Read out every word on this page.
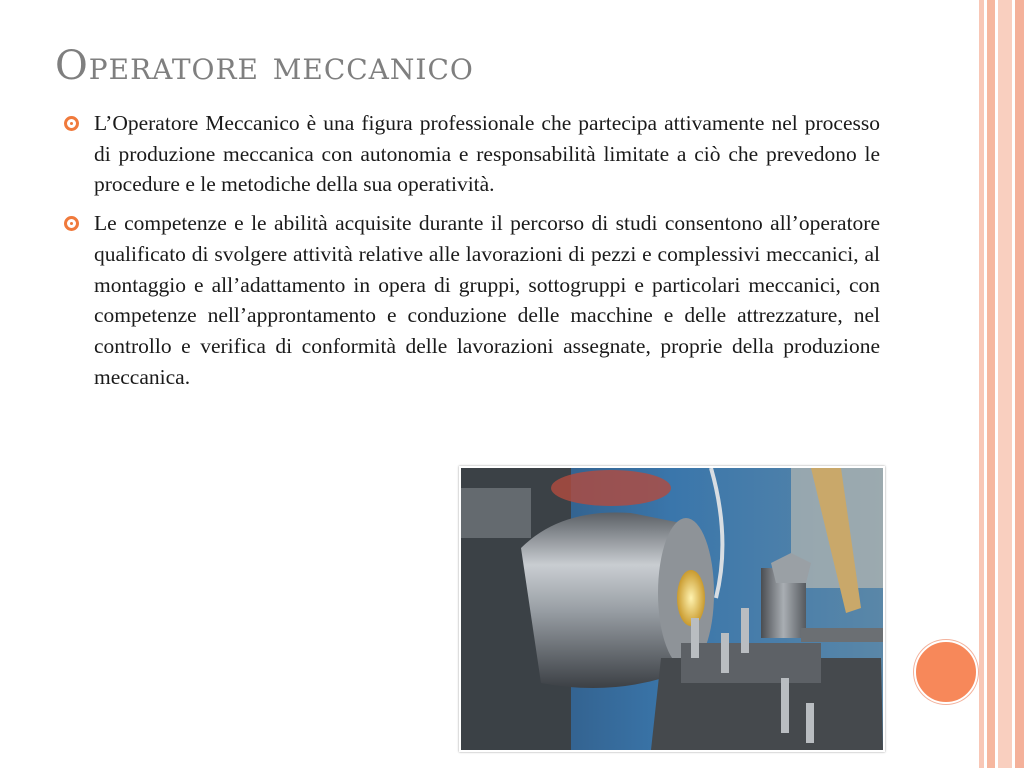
Operatore meccanico
L’Operatore Meccanico è una figura professionale che partecipa attivamente nel processo di produzione meccanica con autonomia e responsabilità limitate a ciò che prevedono le procedure e le metodiche della sua operatività.
Le competenze e le abilità acquisite durante il percorso di studi consentono all’operatore qualificato di svolgere attività relative alle lavorazioni di pezzi e complessivi meccanici, al montaggio e all’adattamento in opera di gruppi, sottogruppi e particolari meccanici, con competenze nell’approntamento e conduzione delle macchine e delle attrezzature, nel controllo e verifica di conformità delle lavorazioni assegnate, proprie della produzione meccanica.
